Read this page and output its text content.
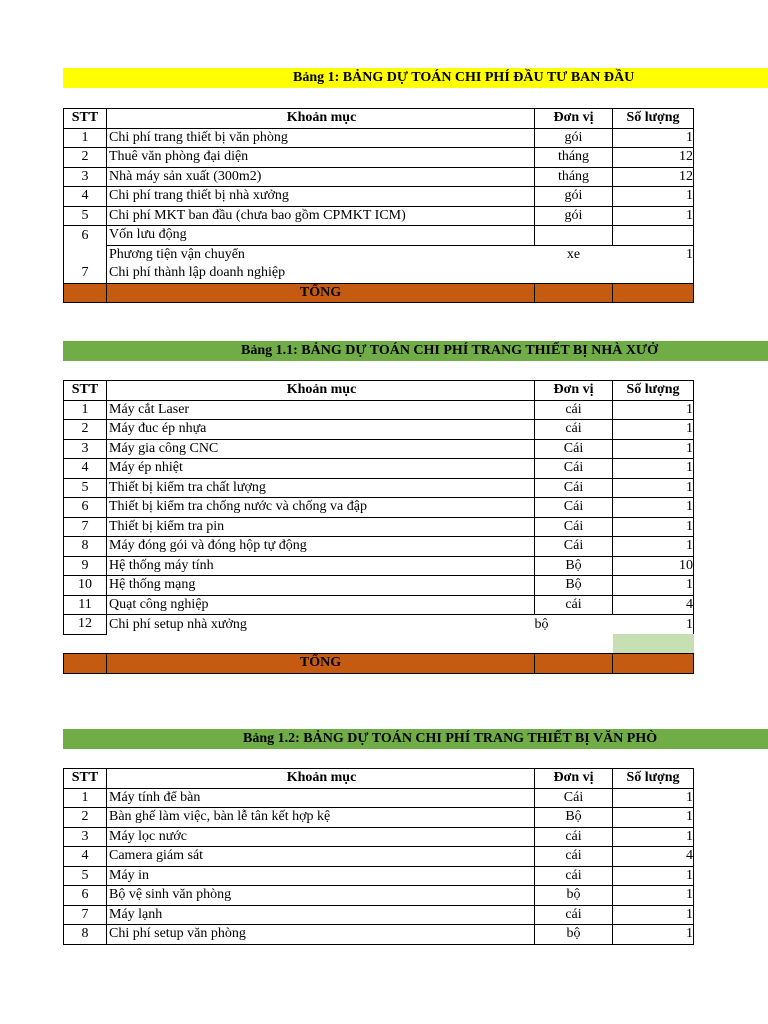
Bảng 1: BẢNG DỰ TOÁN CHI PHÍ ĐẦU TƯ BAN ĐẦU
STT	Khoản mục	Đơn vị	Số lượng
1	Chi phí trang thiết bị văn phòng	gói	1
2	Thuê văn phòng đại diện	tháng	12
3	Nhà máy sản xuất (300m2)	tháng	12
4	Chi phí trang thiết bị nhà xưởng	gói	1
5	Chi phí MKT ban đầu (chưa bao gồm CPMKT ICM)	gói	1
6	Vốn lưu động		
	Phương tiện vận chuyển	xe	1
7	Chi phí thành lập doanh nghiệp		
	TỔNG		
Bảng 1.1: BẢNG DỰ TOÁN CHI PHÍ TRANG THIẾT BỊ NHÀ XƯỞ
STT	Khoản mục	Đơn vị	Số lượng
1	Máy cắt Laser	cái	1
2	Máy đuc ép nhựa	cái	1
3	Máy gia công CNC	Cái	1
4	Máy ép nhiệt	Cái	1
5	Thiết bị kiểm tra chất lượng	Cái	1
6	Thiết bị kiểm tra chống nước và chống va đập	Cái	1
7	Thiết bị kiểm tra pin	Cái	1
8	Máy đóng gói và đóng hộp tự động	Cái	1
9	Hệ thống máy tính	Bộ	10
10	Hệ thống mạng	Bộ	1
11	Quạt công nghiệp	cái	4
12	Chi phí setup nhà xưởng	bộ	1

	TỔNG		
Bảng 1.2: BẢNG DỰ TOÁN CHI PHÍ TRANG THIẾT BỊ VĂN PHÒ
STT	Khoản mục	Đơn vị	Số lượng
1	Máy tính để bàn	Cái	1
2	Bàn ghế làm việc, bàn lễ tân kết hợp kệ	Bộ	1
3	Máy lọc nước	cái	1
4	Camera giám sát	cái	4
5	Máy in	cái	1
6	Bộ vệ sinh văn phòng	bộ	1
7	Máy lạnh	cái	1
8	Chi phí setup văn phòng	bộ	1
